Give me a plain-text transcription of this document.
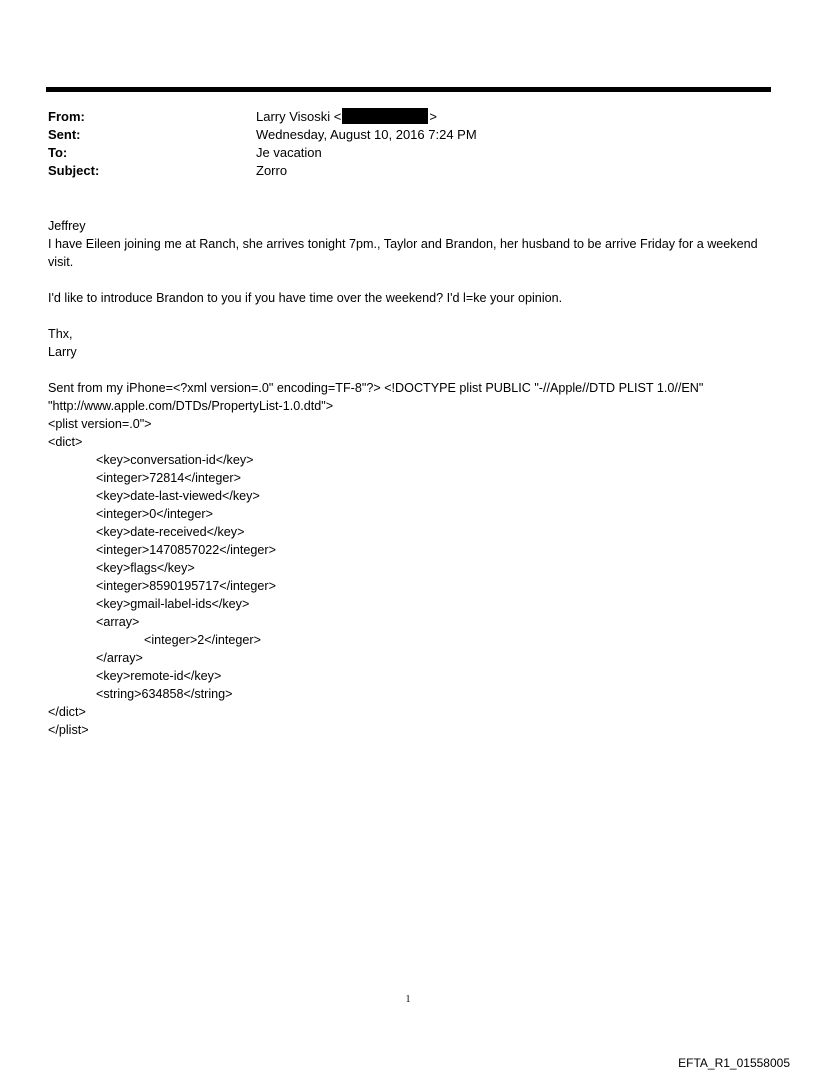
From:	Larry Visoski <	>
Sent:	Wednesday, August 10, 2016 7:24 PM
To:	Je vacation
Subject:	Zorro

Jeffrey

I have Eileen joining me at Ranch, she arrives tonight 7pm., Taylor and Brandon, her husband to be arrive Friday for a weekend visit.

I'd like to introduce Brandon to you if you have time over the weekend? I'd l=ke your opinion.

Thx,

Larry

Sent from my iPhone=<?xml version=.0" encoding=TF-8"?> <!DOCTYPE plist PUBLIC "-//Apple//DTD PLIST 1.0//EN"

"http://www.apple.com/DTDs/PropertyList-1.0.dtd">

<plist version=.0">
<dict>
<key>conversation-id</key>
<integer>72814</integer>
<key>date-last-viewed</key>
<integer>0</integer>
<key>date-received</key>
<integer>1470857022</integer>
<key>flags</key>
<integer>8590195717</integer>
<key>gmail-label-ids</key>
<array>
<integer>2</integer>
</array>
<key>remote-id</key>
<string>634858</string>
</dict>
</plist>
1
EFTA_R1_01558005
